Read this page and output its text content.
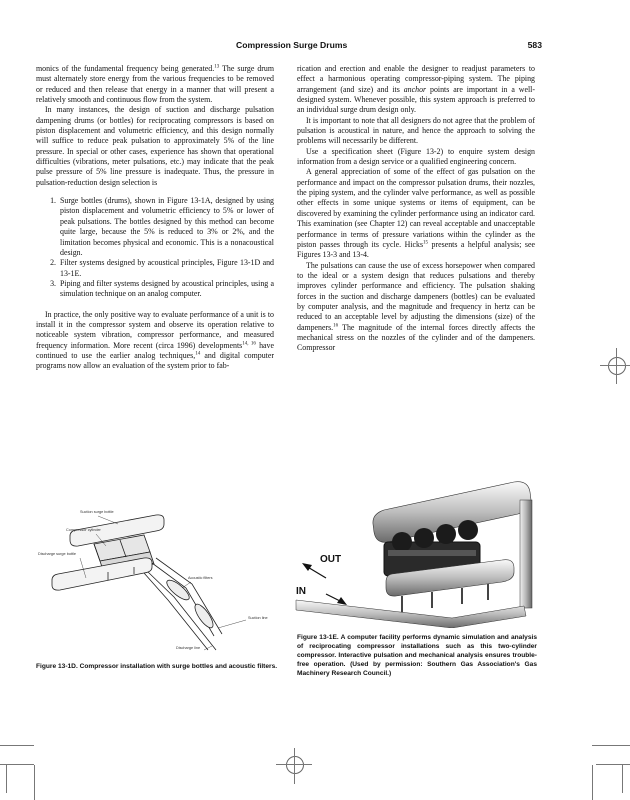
Compression Surge Drums	583

monics of the fundamental frequency being generated.$^{13}$ The surge drum must alternately store energy from the various frequencies to be removed or reduced and then release that energy in a manner that will present a relatively smooth and continuous flow from the system.

In many instances, the design of suction and discharge pulsation dampening drums (or bottles) for reciprocating compressors is based on piston displacement and volumetric efficiency, and this design normally will suffice to reduce peak pulsation to approximately 5% of the line pressure. In special or other cases, experience has shown that operational difficulties (vibrations, meter pulsations, etc.) may indicate that the peak pulse pressure of 5% line pressure is inadequate. Thus, the pressure in pulsation-reduction design selection is

1. Surge bottles (drums), shown in Figure 13-1A, designed by using piston displacement and volumetric efficiency to 5% or lower of peak pulsations. The bottles designed by this method can become quite large, because the 5% is reduced to 3% or 2%, and the limitation becomes physical and economic. This is a nonacoustical design.
2. Filter systems designed by acoustical principles, Figure 13-1D and 13-1E.
3. Piping and filter systems designed by acoustical principles, using a simulation technique on an analog computer.

In practice, the only positive way to evaluate performance of a unit is to install it in the compressor system and observe its operation relative to noticeable system vibration, compressor performance, and measured frequency information. More recent (circa 1996) developments$^{14, 16}$ have continued to use the earlier analog techniques,$^{14}$ and digital computer programs now allow an evaluation of the system prior to fab-

rication and erection and enable the designer to readjust parameters to effect a harmonious operating compressor-piping system. The piping arrangement (and size) and its anchor points are important in a well-designed system. Whenever possible, this system approach is preferred to an individual surge drum design only.

It is important to note that all designers do not agree that the problem of pulsation is acoustical in nature, and hence the approach to solving the problems will necessarily be different.

Use a specification sheet (Figure 13-2) to enquire system design information from a design service or a qualified engineering concern.

A general appreciation of some of the effect of gas pulsation on the performance and impact on the compressor pulsation drums, their nozzles, the piping system, and the cylinder valve performance, as well as possible other effects in some unique systems or items of equipment, can be discovered by examining the cylinder performance using an indicator card. This examination (see Chapter 12) can reveal acceptable and unacceptable performance in terms of pressure variations within the cylinder as the piston passes through its cycle. Hicks$^{15}$ presents a helpful analysis; see Figures 13-3 and 13-4.

The pulsations can cause the use of excess horsepower when compared to the ideal or a system design that reduces pulsations and thereby improves cylinder performance and efficiency. The pulsation shaking forces in the suction and discharge dampeners (bottles) can be evaluated by computer analysis, and the magnitude and frequency in hertz can be reduced to an acceptable level by adjusting the dimensions (size) of the dampeners.$^{16}$ The magnitude of the internal forces directly affects the mechanical stress on the nozzles of the cylinder and of the dampeners. Compressor

Suction surge bottle
Compressor cylinder
Discharge surge bottle
Acoustic filters
Suction line
Discharge line
OUT
IN
Figure 13-1D. Compressor installation with surge bottles and acoustic filters.
Figure 13-1E. A computer facility performs dynamic simulation and analysis of reciprocating compressor installations such as this two-cylinder compressor. Interactive pulsation and mechanical analysis ensures trouble-free operation. (Used by permission: Southern Gas Association's Gas Machinery Research Council.)
